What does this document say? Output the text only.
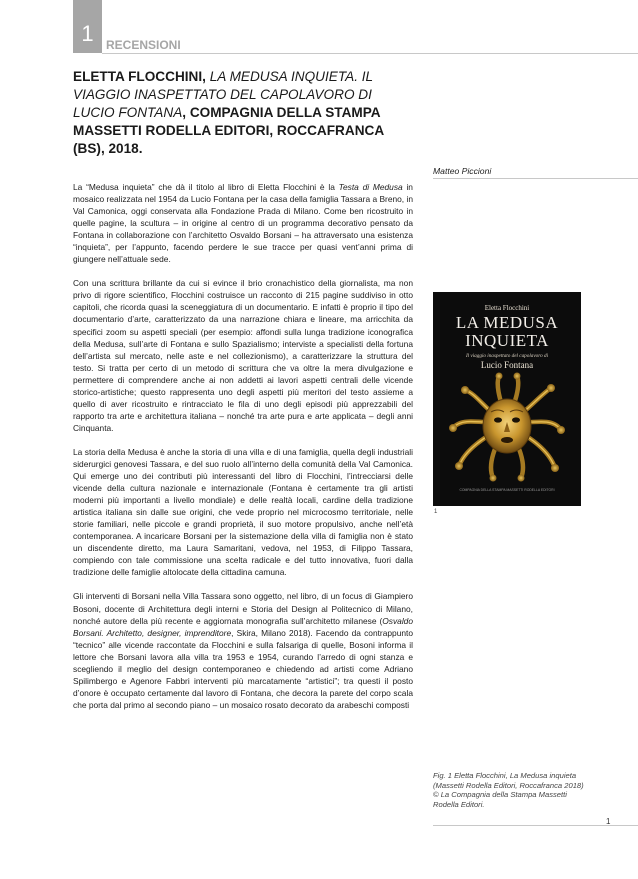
1	RECENSIONI
ELETTA FLOCCHINI, LA MEDUSA INQUIETA. IL VIAGGIO INASPETTATO DEL CAPOLAVORO DI LUCIO FONTANA, COMPAGNIA DELLA STAMPA MASSETTI RODELLA EDITORI, ROCCAFRANCA (BS), 2018.
Matteo Piccioni

La “Medusa inquieta” che dà il titolo al libro di Eletta Flocchini è la Testa di Medusa in mosaico realizzata nel 1954 da Lucio Fontana per la casa della famiglia Tassara a Breno, in Val Camonica, oggi conservata alla Fondazione Prada di Milano. Come ben ricostruito in quelle pagine, la scultura – in origine al centro di un programma decorativo pensato da Fontana in collaborazione con l’architetto Osvaldo Borsani – ha attraversato una esistenza “inquieta”, per l’appunto, facendo perdere le sue tracce per quasi vent’anni prima di giungere nell’attuale sede.

Con una scrittura brillante da cui si evince il brio cronachistico della giornalista, ma non privo di rigore scientifico, Flocchini costruisce un racconto di 215 pagine suddiviso in otto capitoli, che ricorda quasi la sceneggiatura di un documentario. E infatti è proprio il tipo del documentario d’arte, caratterizzato da una narrazione chiara e lineare, ma arricchita da specifici zoom su aspetti speciali (per esempio: affondi sulla lunga tradizione iconografica della Medusa, sull’arte di Fontana e sullo Spazialismo; interviste a specialisti della fortuna dell’artista sul mercato, nelle aste e nel collezionismo), a caratterizzare la struttura del testo. Si tratta per certo di un metodo di scrittura che va oltre la mera divulgazione e permettere di comprendere anche ai non addetti ai lavori aspetti centrali delle vicende storico-artistiche; questo rappresenta uno degli aspetti più meritori del testo assieme a quello di aver ricostruito e rintracciato le fila di uno degli episodi più apprezzabili del rapporto tra arte e architettura italiana – nonché tra arte pura e arte applicata – degli anni Cinquanta.

La storia della Medusa è anche la storia di una villa e di una famiglia, quella degli industriali siderurgici genovesi Tassara, e del suo ruolo all’interno della comunità della Val Camonica. Qui emerge uno dei contributi più interessanti del libro di Flocchini, l’intrecciarsi delle vicende della cultura nazionale e internazionale (Fontana è certamente tra gli artisti moderni più importanti a livello mondiale) e delle realtà locali, cardine della tradizione artistica italiana sin dalle sue origini, che vede proprio nel microcosmo territoriale, nelle storie familiari, nelle piccole e grandi proprietà, il suo motore propulsivo, anche nell’età contemporanea. A incaricare Borsani per la sistemazione della villa di famiglia non è stato un discendente diretto, ma Laura Samaritani, vedova, nel 1953, di Filippo Tassara, compiendo con tale commissione una scelta radicale e del tutto innovativa, fuori dalla tradizione delle famiglie altolocate della cittadina camuna.

Gli interventi di Borsani nella Villa Tassara sono oggetto, nel libro, di un focus di Giampiero Bosoni, docente di Architettura degli interni e Storia del Design al Politecnico di Milano, nonché autore della più recente e aggiornata monografia sull’architetto milanese (Osvaldo Borsani. Architetto, designer, imprenditore, Skira, Milano 2018). Facendo da contrappunto “tecnico” alle vicende raccontate da Flocchini e sulla falsariga di quelle, Bosoni informa il lettore che Borsani lavora alla villa tra 1953 e 1954, curando l’arredo di ogni stanza e scegliendo il meglio del design contemporaneo e chiedendo ad artisti come Adriano Spilimbergo e Agenore Fabbri interventi più marcatamente “artistici”; tra questi il posto d’onore è occupato certamente dal lavoro di Fontana, che decora la parete del corpo scala che porta dal primo al secondo piano – un mosaico rosato decorato da arabeschi composti

Eletta Flocchini
LA MEDUSA
INQUIETA
Il viaggio inaspettato del capolavoro di
Lucio Fontana
COMPAGNIA DELLA STAMPA MASSETTI RODELLA EDITORI
1
Fig. 1 Eletta Flocchini, La Medusa inquieta (Massetti Rodella Editori, Roccafranca 2018) © La Compagnia della Stampa Massetti Rodella Editori.
1
